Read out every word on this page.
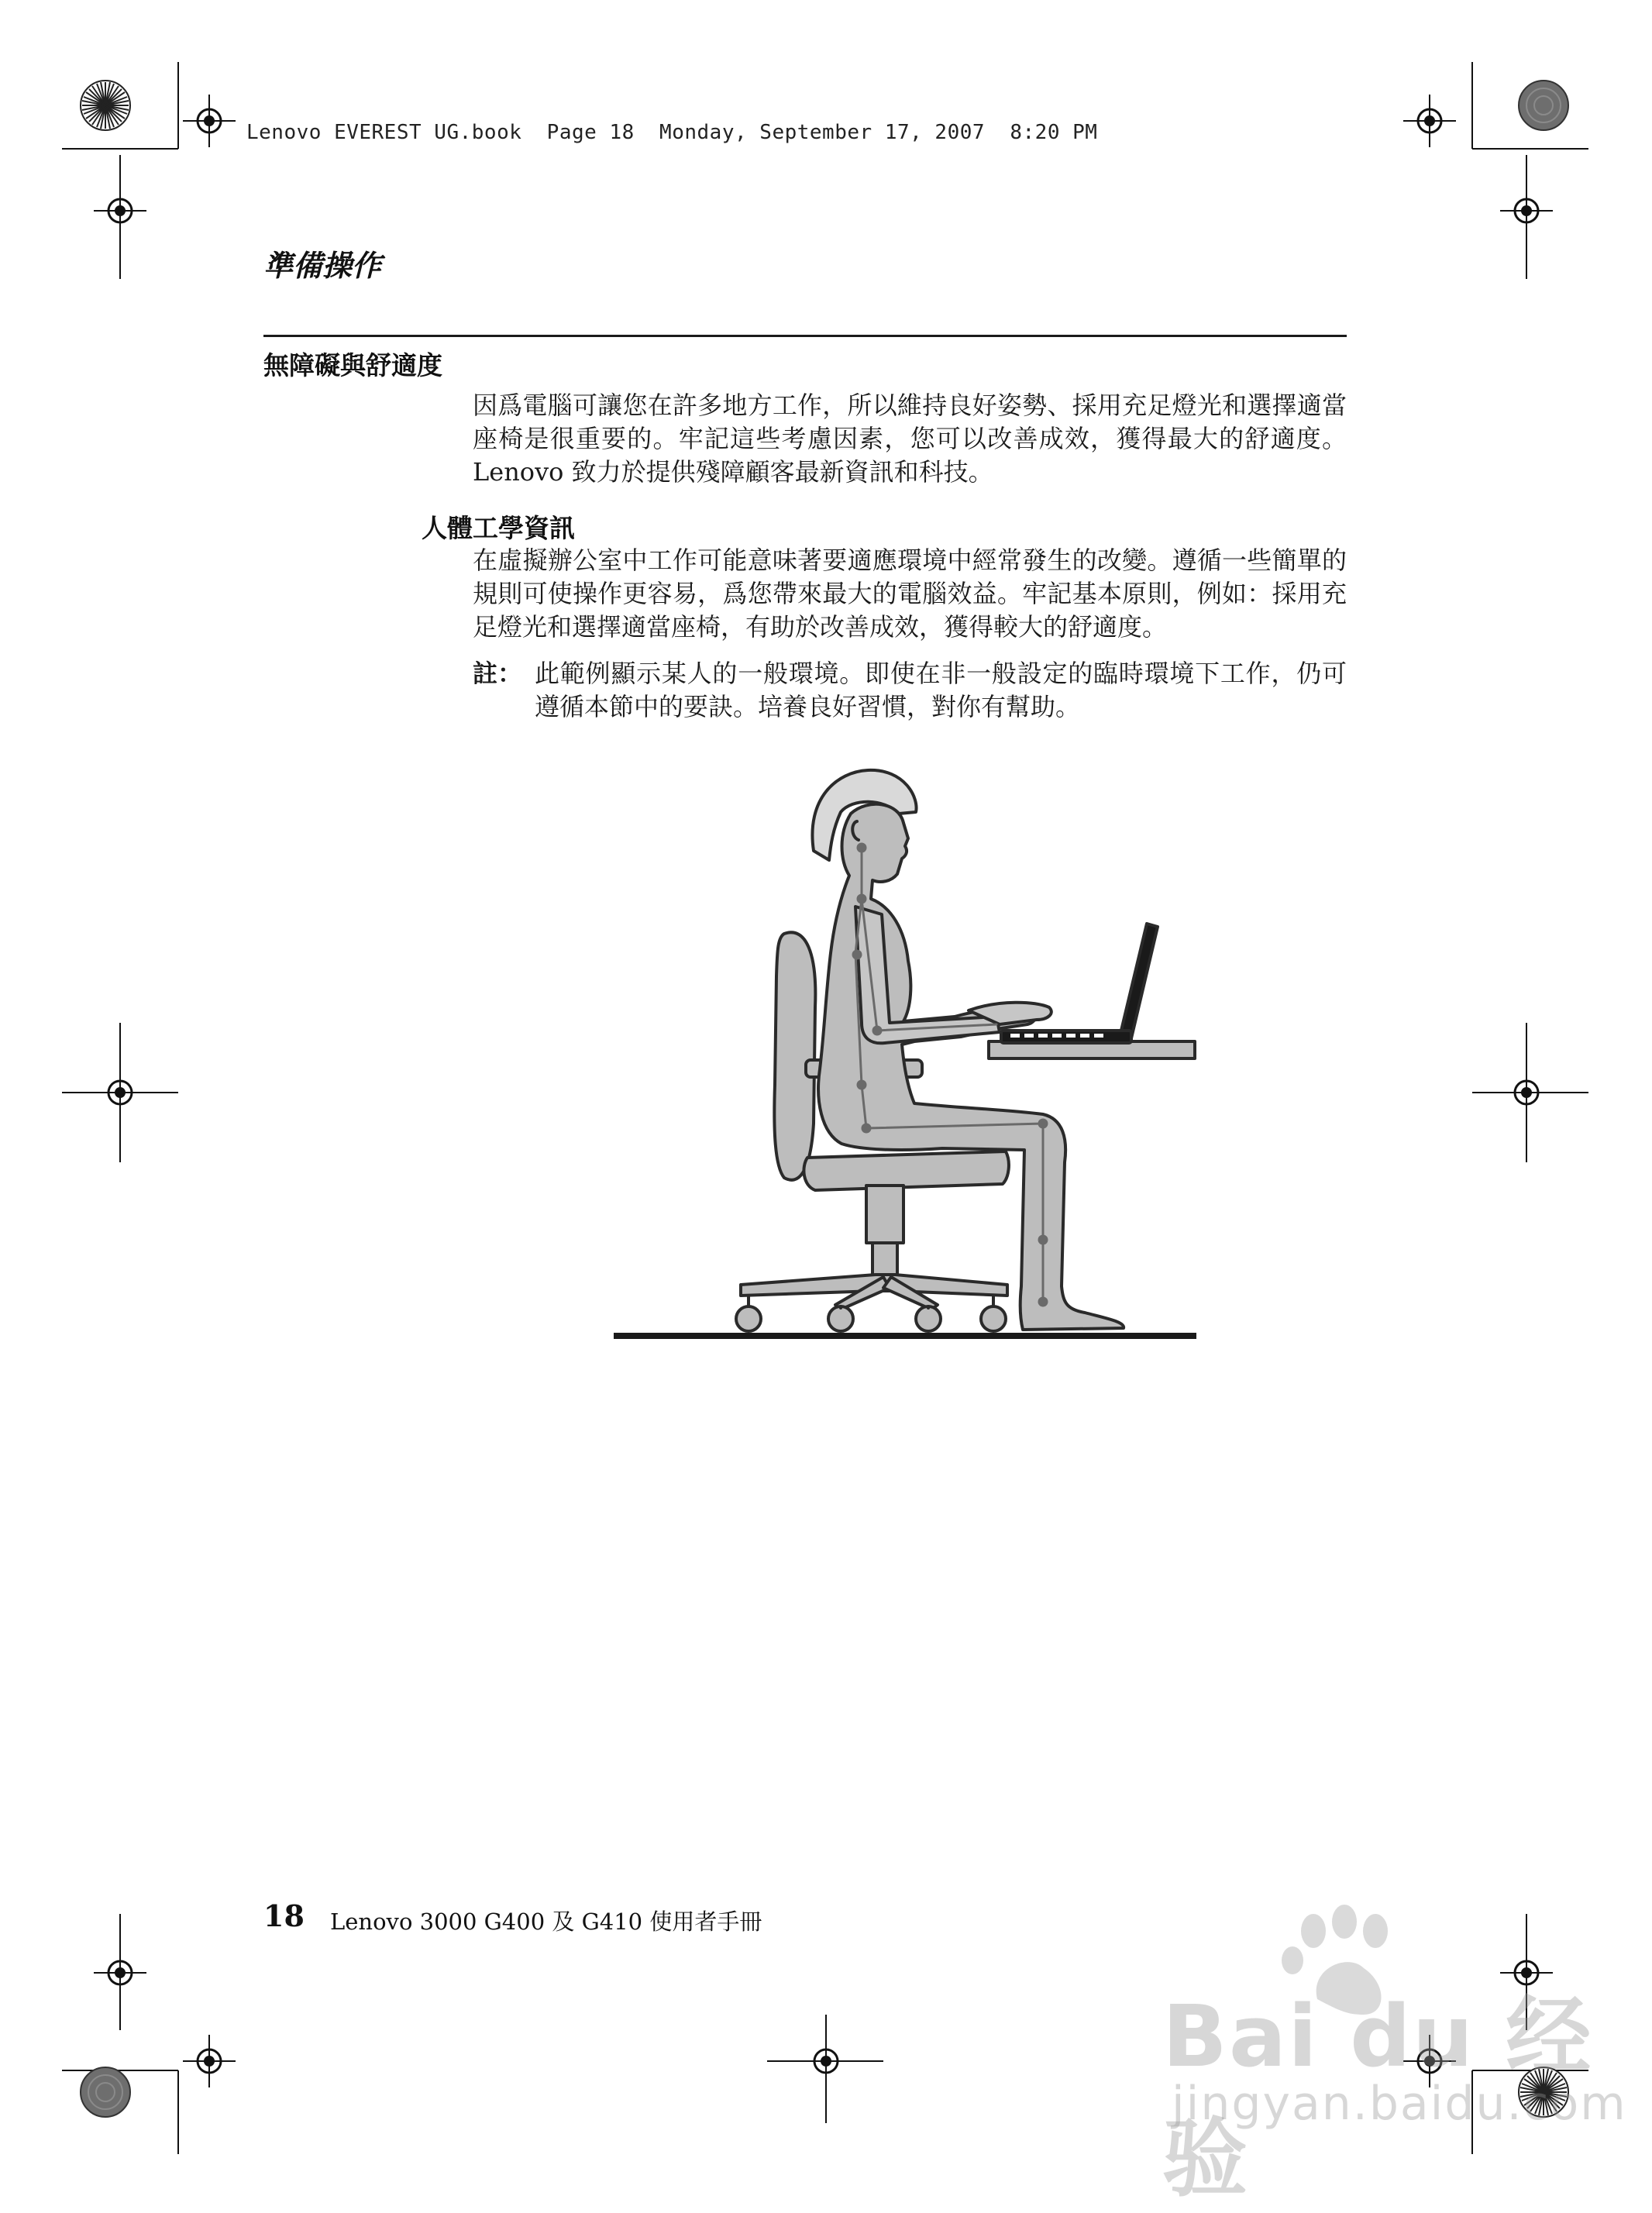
Lenovo EVEREST UG.book  Page 18  Monday, September 17, 2007  8:20 PM
準備操作
無障礙與舒適度
因爲電腦可讓您在許多地方工作，所以維持良好姿勢、採用充足燈光和選擇適當座椅是很重要的。牢記這些考慮因素，您可以改善成效，獲得最大的舒適度。Lenovo 致力於提供殘障顧客最新資訊和科技。
人體工學資訊
在虛擬辦公室中工作可能意味著要適應環境中經常發生的改變。遵循一些簡單的規則可使操作更容易，爲您帶來最大的電腦效益。牢記基本原則，例如：採用充足燈光和選擇適當座椅，有助於改善成效，獲得較大的舒適度。
註： 此範例顯示某人的一般環境。即使在非一般設定的臨時環境下工作，仍可遵循本節中的要訣。培養良好習慣，對你有幫助。
18 Lenovo 3000 G400 及 G410 使用者手冊
Bai du 经验
jingyan.baidu.com
